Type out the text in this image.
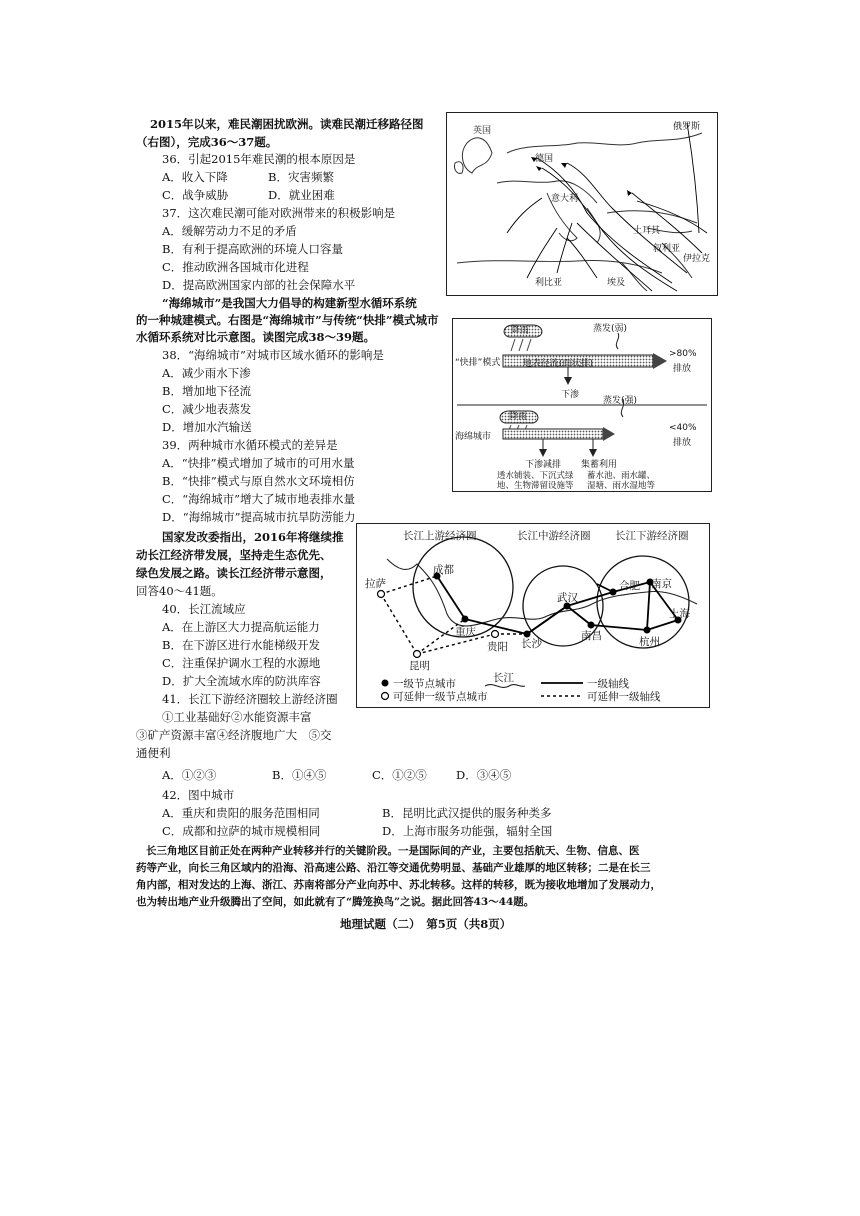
2015年以来，难民潮困扰欧洲。读难民潮迁移路径图
（右图），完成36～37题。
36．引起2015年难民潮的根本原因是
A．收入下降	B．灾害频繁
C．战争威胁	D．就业困难
37．这次难民潮可能对欧洲带来的积极影响是
A．缓解劳动力不足的矛盾
B．有利于提高欧洲的环境人口容量
C．推动欧洲各国城市化进程
D．提高欧洲国家内部的社会保障水平
英国
德国
俄罗斯
意大利
土耳其
叙利亚
伊拉克
利比亚	埃及
“海绵城市”是我国大力倡导的构建新型水循环系统
的一种城建模式。右图是“海绵城市”与传统“快排”模式城市
水循环系统对比示意图。读图完成38～39题。
38．“海绵城市”对城市区域水循环的影响是
A．减少雨水下渗
B．增加地下径流
C．减少地表蒸发
D．增加水汽输送
39．两种城市水循环模式的差异是
A．“快排”模式增加了城市的可用水量
B．“快排”模式与原自然水文环境相仿
C．“海绵城市”增大了城市地表排水量
D．“海绵城市”提高城市抗旱防涝能力
降雨	蒸发(弱)
“快排”模式	地表径流(面状排)
>80%
排放
下渗
降雨
蒸发(强)
海绵城市
<40%
排放
下渗减排 集蓄利用
透水铺装、下沉式绿
地、生物滞留设施等
蓄水池、雨水罐、
湿塘、雨水湿地等
国家发改委指出，2016年将继续推
动长江经济带发展，坚持走生态优先、
绿色发展之路。读长江经济带示意图，
回答40～41题。
40．长江流域应
A．在上游区大力提高航运能力
B．在下游区进行水能梯级开发
C．注重保护调水工程的水源地
D．扩大全流域水库的防洪库容
41．长江下游经济圈较上游经济圈
①工业基础好②水能资源丰富
③矿产资源丰富④经济腹地广大　⑤交
通便利
A．①②③	B．①④⑤	C．①②⑤	D．③④⑤
长江上游经济圈	长江中游经济圈 长江下游经济圈
拉萨
成都
重庆
昆明
贵阳
武汉
长沙
南昌
合肥 南京
上海
杭州
一级节点城市	长江	一级轴线
可延伸一级节点城市	可延伸一级轴线
42．图中城市
A．重庆和贵阳的服务范围相同	B．昆明比武汉提供的服务种类多
C．成都和拉萨的城市规模相同	D．上海市服务功能强，辐射全国
长三角地区目前正处在两种产业转移并行的关键阶段。一是国际间的产业，主要包括航天、生物、信息、医
药等产业，向长三角区域内的沿海、沿高速公路、沿江等交通优势明显、基础产业雄厚的地区转移；二是在长三
角内部，相对发达的上海、浙江、苏南将部分产业向苏中、苏北转移。这样的转移，既为接收地增加了发展动力，
也为转出地产业升级腾出了空间，如此就有了“腾笼换鸟”之说。据此回答43～44题。
地理试题（二）　第5页（共8页）
